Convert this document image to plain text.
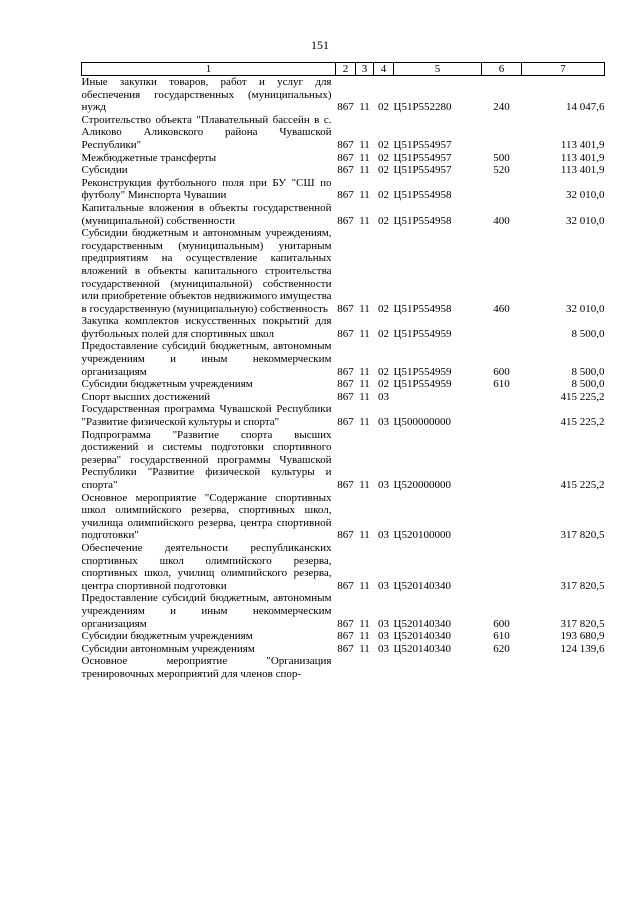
151
1	2	3	4	5	6	7
Иные закупки товаров, работ и услуг для обеспечения государственных (муниципальных) нужд	867	11	02	Ц51Р552280	240	14 047,6
Строительство объекта "Плавательный бассейн в с. Аликово Аликовского района Чувашской Республики"	867	11	02	Ц51Р554957		113 401,9
Межбюджетные трансферты	867	11	02	Ц51Р554957	500	113 401,9
Субсидии	867	11	02	Ц51Р554957	520	113 401,9
Реконструкция футбольного поля при БУ "СШ по футболу" Минспорта Чувашии	867	11	02	Ц51Р554958		32 010,0
Капитальные вложения в объекты государственной (муниципальной) собственности	867	11	02	Ц51Р554958	400	32 010,0
Субсидии бюджетным и автономным учреждениям, государственным (муниципальным) унитарным предприятиям на осуществление капитальных вложений в объекты капитального строительства государственной (муниципальной) собственности или приобретение объектов недвижимого имущества в государственную (муниципальную) собственность	867	11	02	Ц51Р554958	460	32 010,0
Закупка комплектов искусственных покрытий для футбольных полей для спортивных школ	867	11	02	Ц51Р554959		8 500,0
Предоставление субсидий бюджетным, автономным учреждениям и иным некоммерческим организациям	867	11	02	Ц51Р554959	600	8 500,0
Субсидии бюджетным учреждениям	867	11	02	Ц51Р554959	610	8 500,0
Спорт высших достижений	867	11	03			415 225,2
Государственная программа Чувашской Республики "Развитие физической культуры и спорта"	867	11	03	Ц500000000		415 225,2
Подпрограмма "Развитие спорта высших достижений и системы подготовки спортивного резерва" государственной программы Чувашской Республики "Развитие физической культуры и спорта"	867	11	03	Ц520000000		415 225,2
Основное мероприятие "Содержание спортивных школ олимпийского резерва, спортивных школ, училища олимпийского резерва, центра спортивной подготовки"	867	11	03	Ц520100000		317 820,5
Обеспечение деятельности республиканских спортивных школ олимпийского резерва, спортивных школ, училищ олимпийского резерва, центра спортивной подготовки	867	11	03	Ц520140340		317 820,5
Предоставление субсидий бюджетным, автономным учреждениям и иным некоммерческим организациям	867	11	03	Ц520140340	600	317 820,5
Субсидии бюджетным учреждениям	867	11	03	Ц520140340	610	193 680,9
Субсидии автономным учреждениям	867	11	03	Ц520140340	620	124 139,6
Основное мероприятие "Организация тренировочных мероприятий для членов спор-						
